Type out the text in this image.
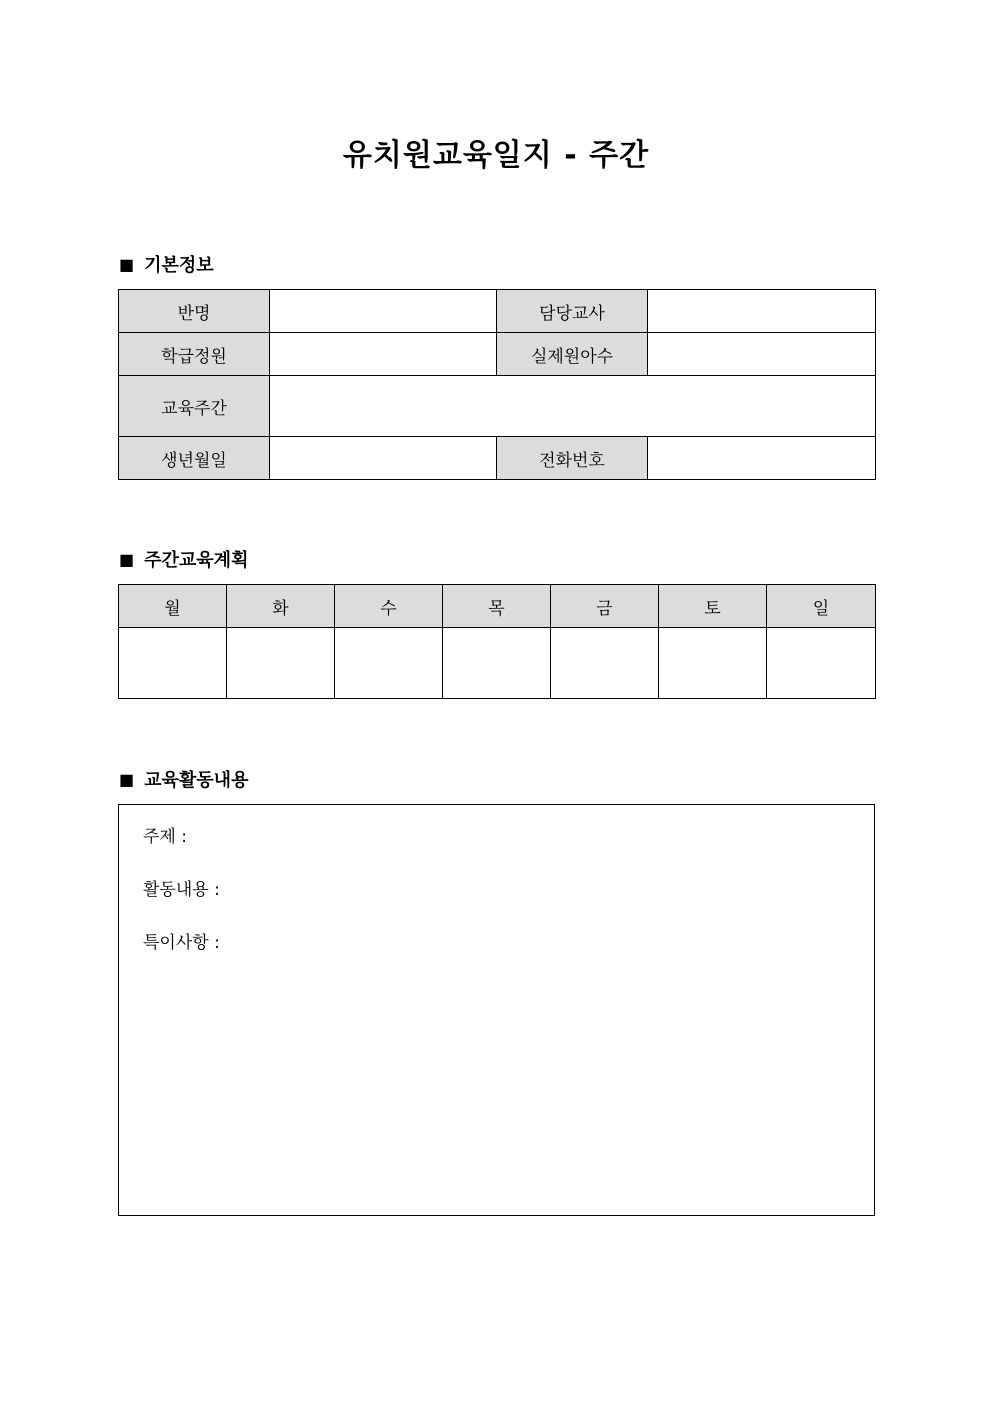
유치원교육일지 - 주간
■ 기본정보
반명		담당교사	
학급정원		실제원아수	
교육주간			
생년월일		전화번호	
■ 주간교육계획
월	화	수	목	금	토	일

■ 교육활동내용
주제 :
활동내용 :
특이사항 :
